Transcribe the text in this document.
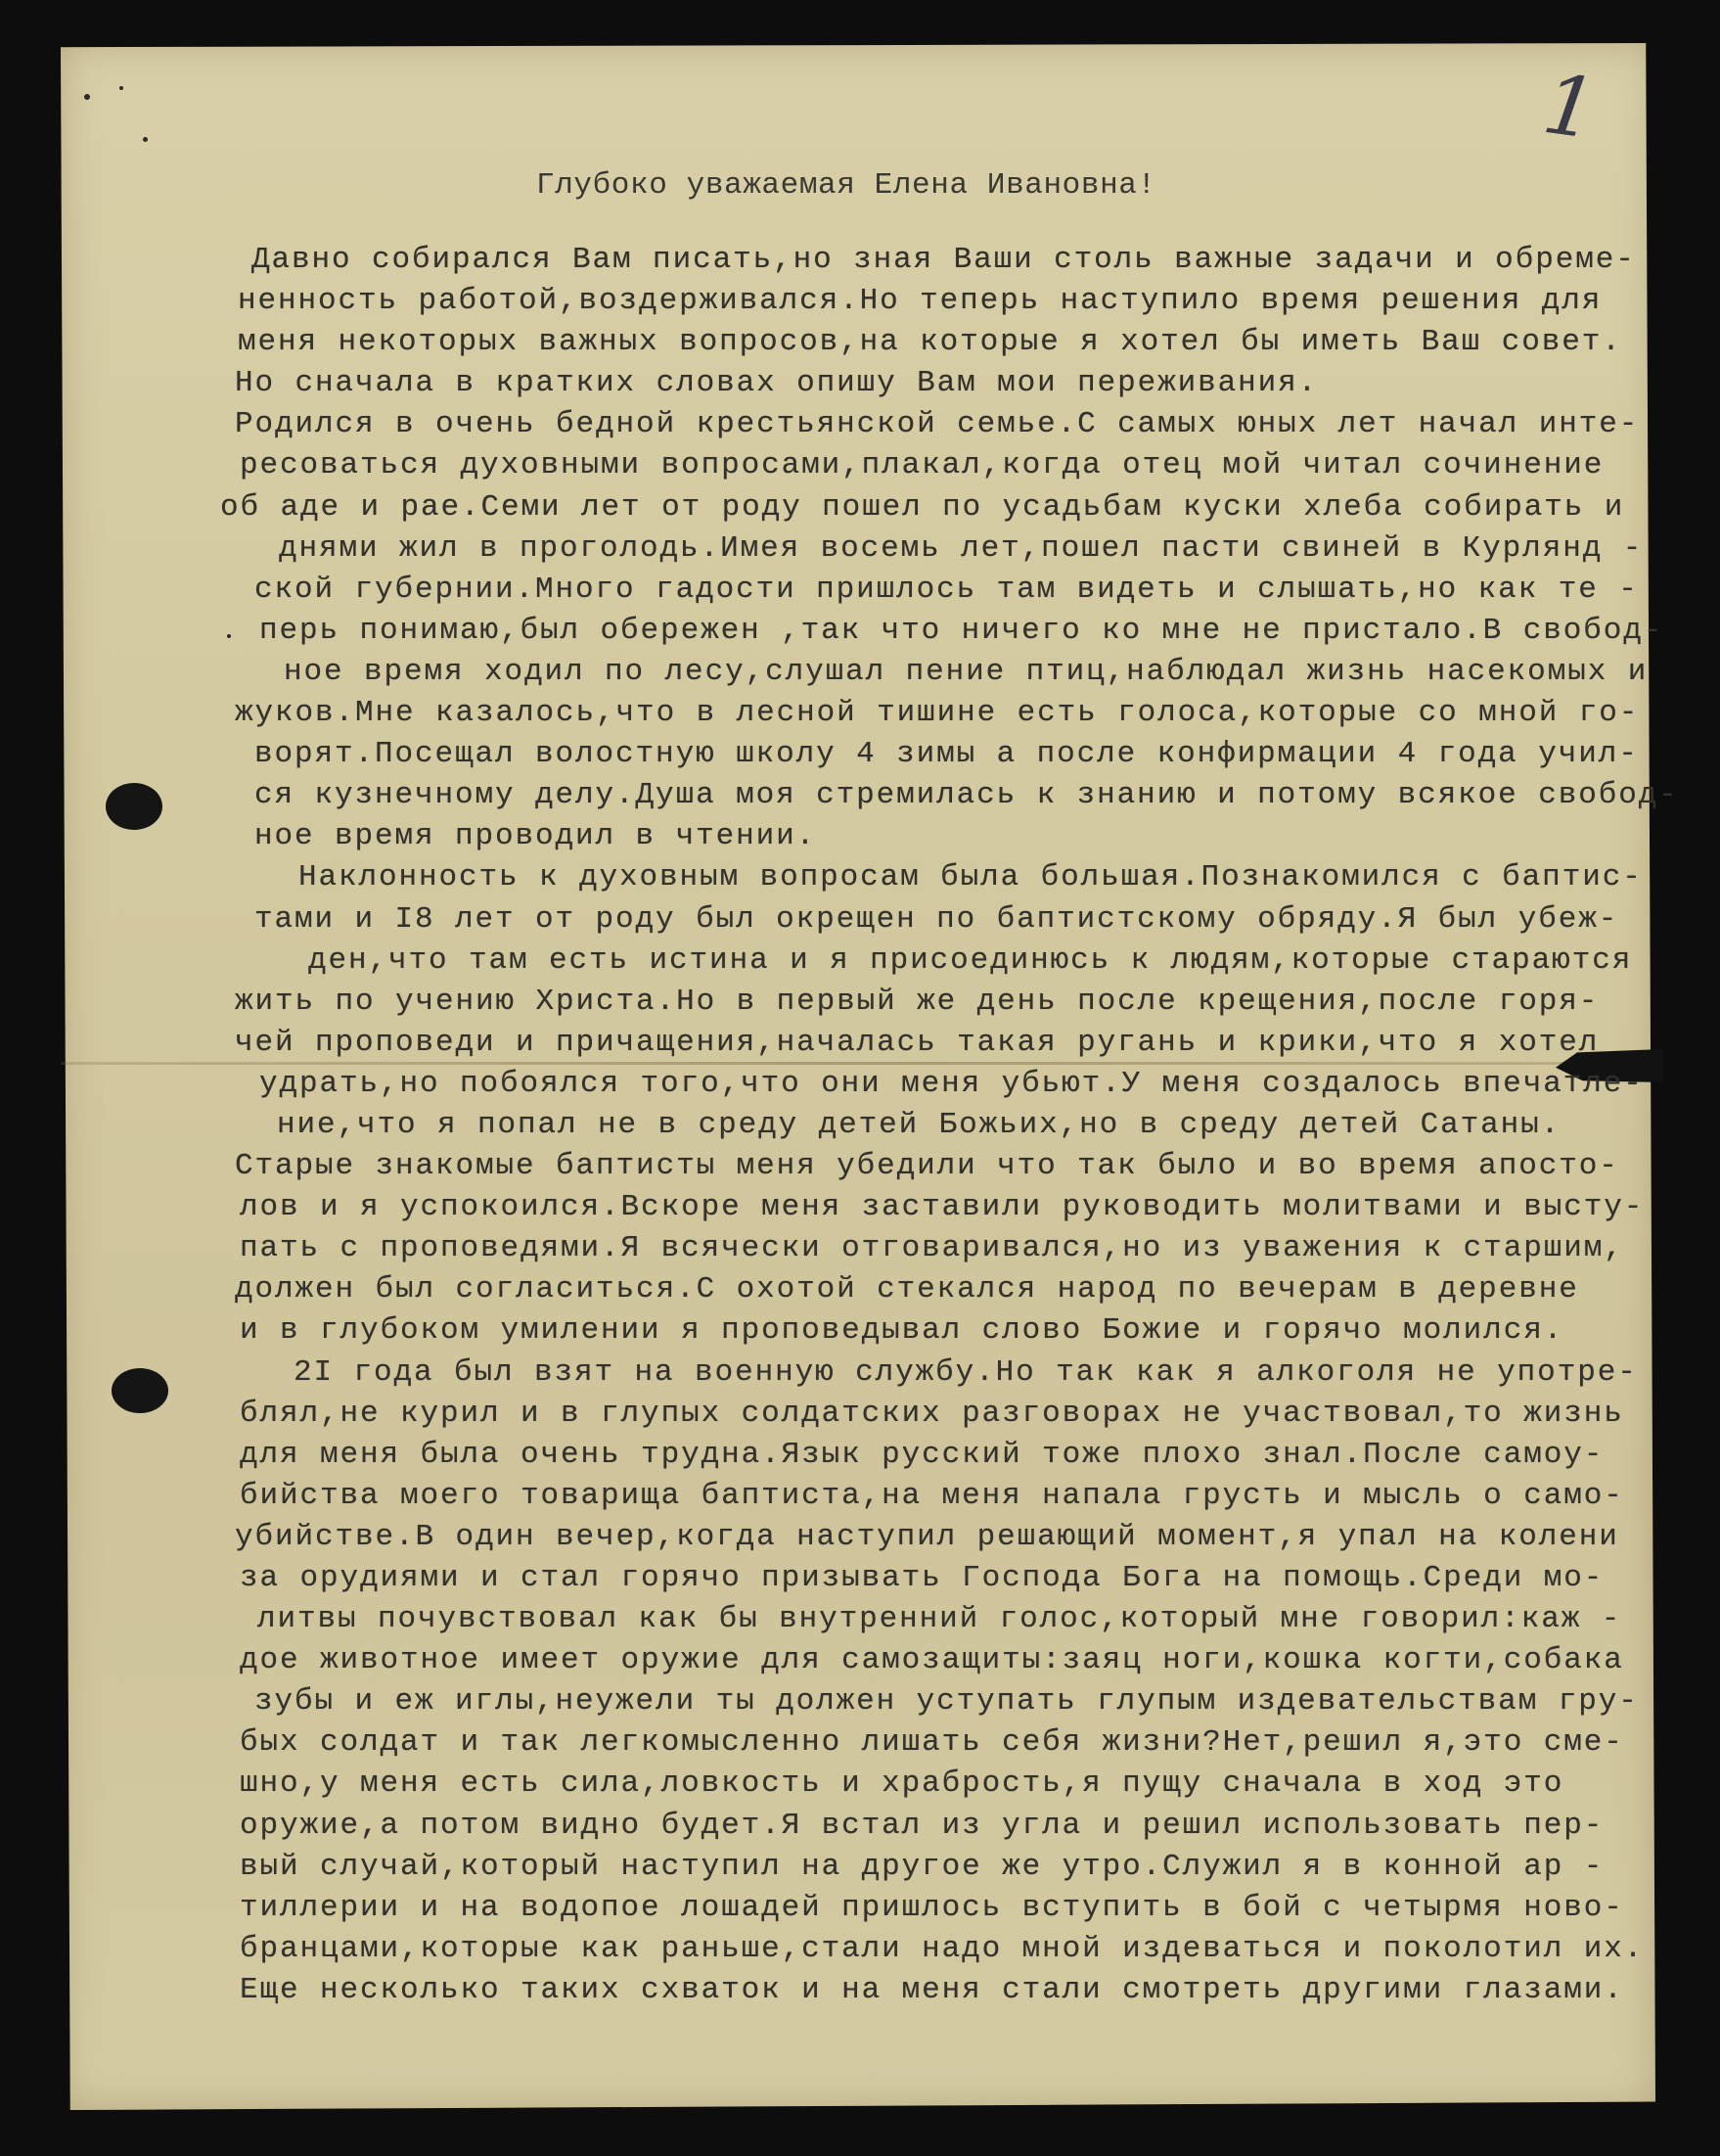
1
Глубоко уважаемая Елена Ивановна!
Давно собирался Вам писать,но зная Ваши столь важные задачи и обреме-
ненность работой,воздерживался.Но теперь наступило время решения для
меня некоторых важных вопросов,на которые я хотел бы иметь Ваш совет.
Но сначала в кратких словах опишу Вам мои переживания.
Родился в очень бедной крестьянской семье.С самых юных лет начал инте-
ресоваться духовными вопросами,плакал,когда отец мой читал сочинение
об аде и рае.Семи лет от роду пошел по усадьбам куски хлеба собирать и
днями жил в проголодь.Имея восемь лет,пошел пасти свиней в Курлянд -
ской губернии.Много гадости пришлось там видеть и слышать,но как те -
перь понимаю,был обережен ,так что ничего ко мне не пристало.В свобод-
ное время ходил по лесу,слушал пение птиц,наблюдал жизнь насекомых и
жуков.Мне казалось,что в лесной тишине есть голоса,которые со мной го-
ворят.Посещал волостную школу 4 зимы а после конфирмации 4 года учил-
ся кузнечному делу.Душа моя стремилась к знанию и потому всякое свобод-
ное время проводил в чтении.
Наклонность к духовным вопросам была большая.Познакомился с баптис-
тами и I8 лет от роду был окрещен по баптистскому обряду.Я был убеж-
ден,что там есть истина и я присоединюсь к людям,которые стараются
жить по учению Христа.Но в первый же день после крещения,после горя-
чей проповеди и причащения,началась такая ругань и крики,что я хотел
удрать,но побоялся того,что они меня убьют.У меня создалось впечатле-
ние,что я попал не в среду детей Божьих,но в среду детей Сатаны.
Старые знакомые баптисты меня убедили что так было и во время апосто-
лов и я успокоился.Вскоре меня заставили руководить молитвами и высту-
пать с проповедями.Я всячески отговаривался,но из уважения к старшим,
должен был согласиться.С охотой стекался народ по вечерам в деревне
и в глубоком умилении я проповедывал слово Божие и горячо молился.
2I года был взят на военную службу.Но так как я алкоголя не употре-
блял,не курил и в глупых солдатских разговорах не участвовал,то жизнь
для меня была очень трудна.Язык русский тоже плохо знал.После самоу-
бийства моего товарища баптиста,на меня напала грусть и мысль о само-
убийстве.В один вечер,когда наступил решающий момент,я упал на колени
за орудиями и стал горячо призывать Господа Бога на помощь.Среди мо-
литвы почувствовал как бы внутренний голос,который мне говорил:каж -
дое животное имеет оружие для самозащиты:заяц ноги,кошка когти,собака
зубы и еж иглы,неужели ты должен уступать глупым издевательствам гру-
бых солдат и так легкомысленно лишать себя жизни?Нет,решил я,это сме-
шно,у меня есть сила,ловкость и храбрость,я пущу сначала в ход это
оружие,а потом видно будет.Я встал из угла и решил использовать пер-
вый случай,который наступил на другое же утро.Служил я в конной ар -
тиллерии и на водопое лошадей пришлось вступить в бой с четырмя ново-
бранцами,которые как раньше,стали надо мной издеваться и поколотил их.
Еще несколько таких схваток и на меня стали смотреть другими глазами.
